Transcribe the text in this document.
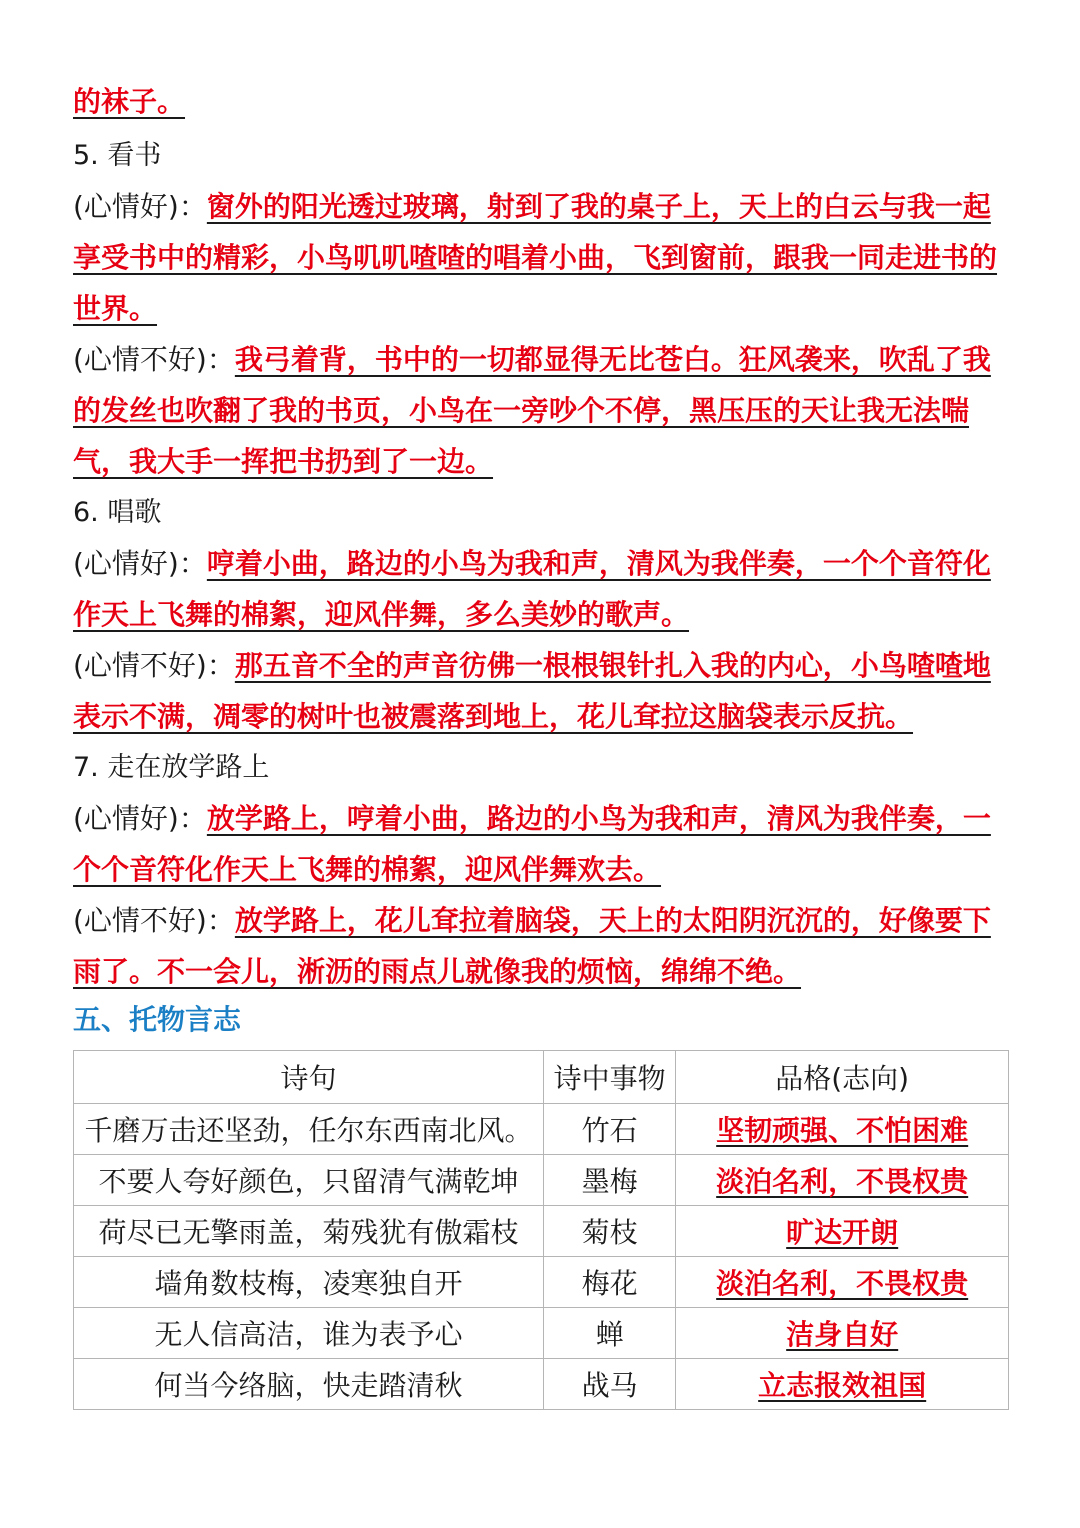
的袜子。

5. 看书

(心情好)：窗外的阳光透过玻璃，射到了我的桌子上，天上的白云与我一起享受书中的精彩，小鸟叽叽喳喳的唱着小曲，飞到窗前，跟我一同走进书的世界。

(心情不好)：我弓着背，书中的一切都显得无比苍白。狂风袭来，吹乱了我的发丝也吹翻了我的书页，小鸟在一旁吵个不停，黑压压的天让我无法喘气，我大手一挥把书扔到了一边。

6. 唱歌

(心情好)：哼着小曲，路边的小鸟为我和声，清风为我伴奏，一个个音符化作天上飞舞的棉絮，迎风伴舞，多么美妙的歌声。

(心情不好)：那五音不全的声音彷佛一根根银针扎入我的内心，小鸟喳喳地表示不满，凋零的树叶也被震落到地上，花儿耷拉这脑袋表示反抗。

7. 走在放学路上

(心情好)：放学路上，哼着小曲，路边的小鸟为我和声，清风为我伴奏，一个个音符化作天上飞舞的棉絮，迎风伴舞欢去。

(心情不好)：放学路上，花儿耷拉着脑袋，天上的太阳阴沉沉的，好像要下雨了。不一会儿，淅沥的雨点儿就像我的烦恼，绵绵不绝。

五、托物言志

诗句	诗中事物	品格(志向)
千磨万击还坚劲，任尔东西南北风。	竹石	坚韧顽强、不怕困难
不要人夸好颜色，只留清气满乾坤	墨梅	淡泊名利，不畏权贵
荷尽已无擎雨盖，菊残犹有傲霜枝	菊枝	旷达开朗
墙角数枝梅，凌寒独自开	梅花	淡泊名利，不畏权贵
无人信高洁，谁为表予心	蝉	洁身自好
何当今络脑，快走踏清秋	战马	立志报效祖国
